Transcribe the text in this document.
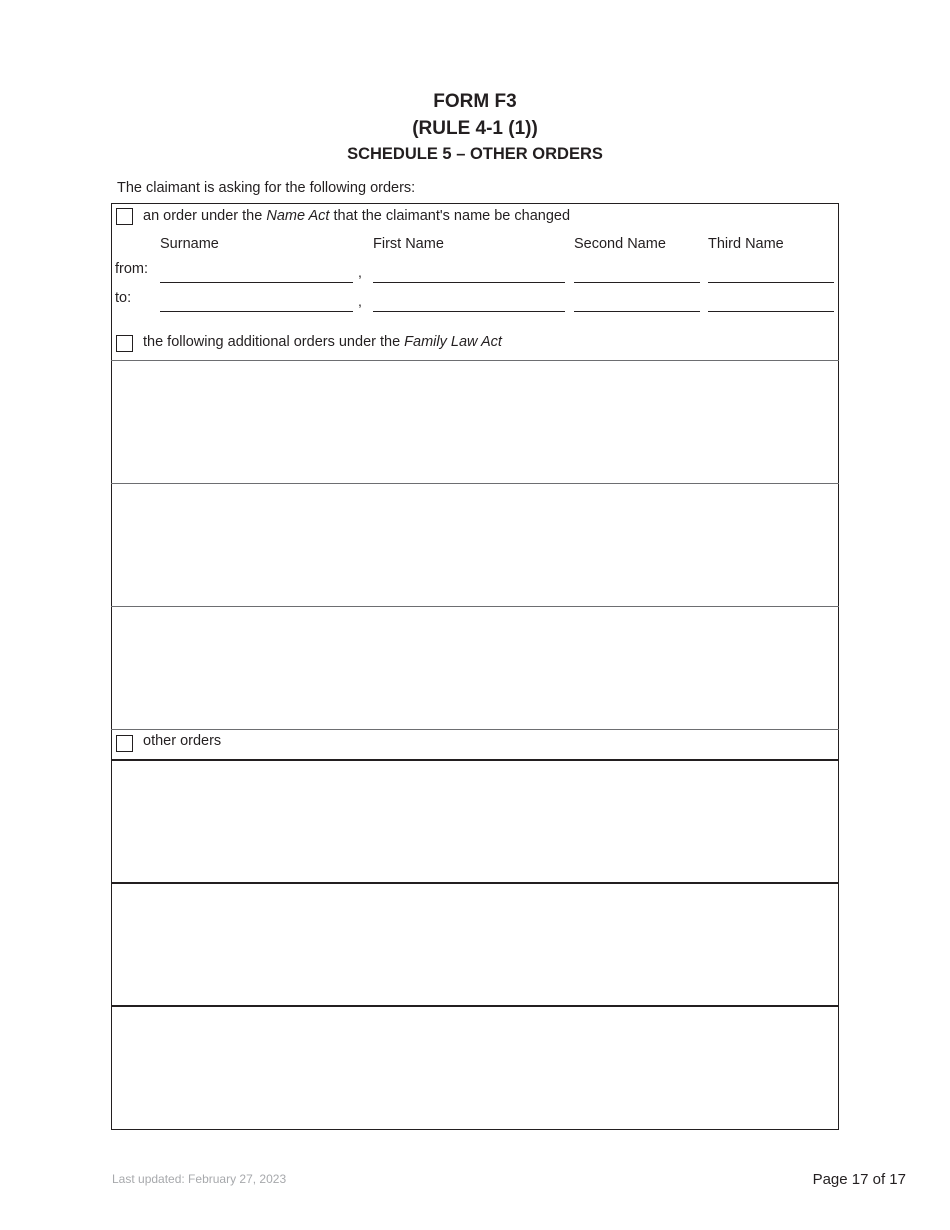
FORM F3
(RULE 4-1 (1))
SCHEDULE 5 – OTHER ORDERS
The claimant is asking for the following orders:
an order under the Name Act that the claimant's name be changed
Surname	First Name	Second Name	Third Name
from:	,
to:	,
the following additional orders under the Family Law Act
other orders
Last updated: February 27, 2023	Page 17 of 17
